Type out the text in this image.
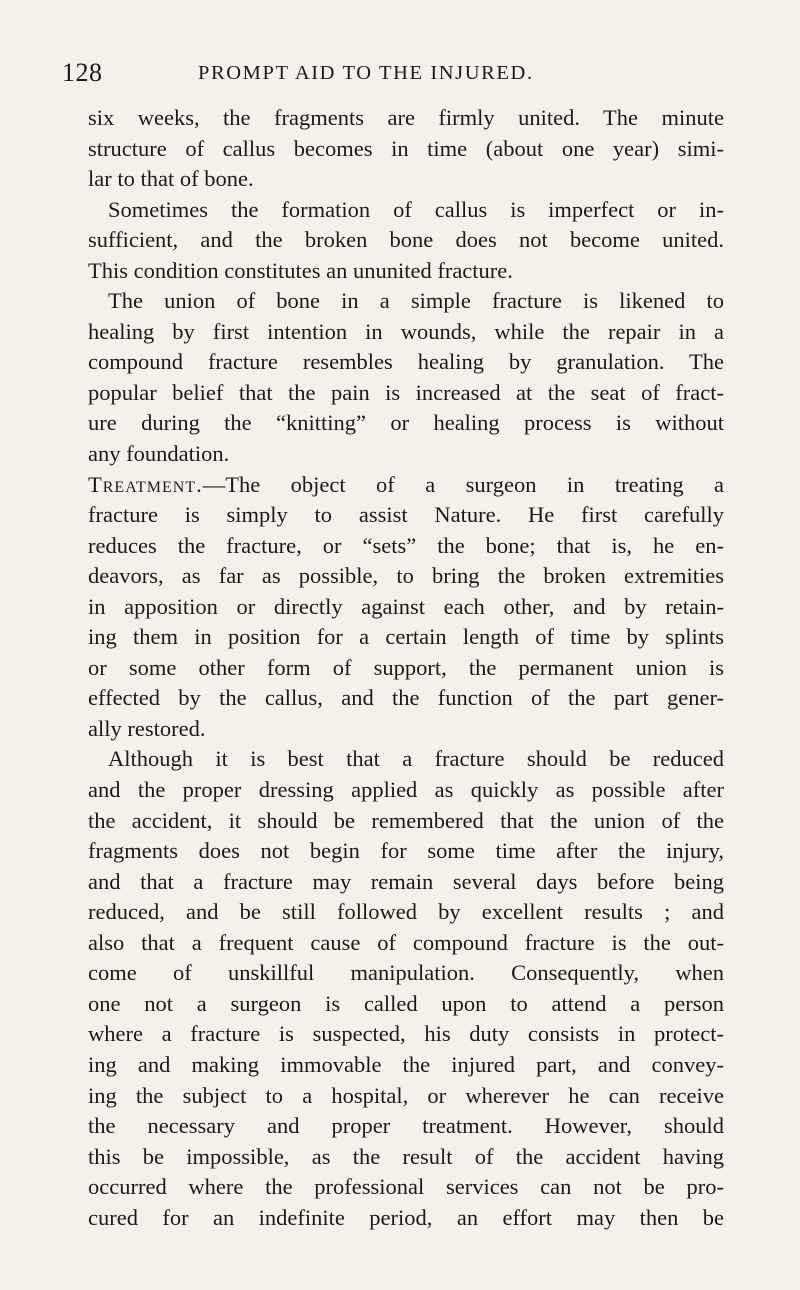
128	PROMPT AID TO THE INJURED.
six weeks, the fragments are firmly united. The minute
structure of callus becomes in time (about one year) simi-
lar to that of bone.
Sometimes the formation of callus is imperfect or in-
sufficient, and the broken bone does not become united.
This condition constitutes an ununited fracture.
The union of bone in a simple fracture is likened to
healing by first intention in wounds, while the repair in a
compound fracture resembles healing by granulation. The
popular belief that the pain is increased at the seat of fract-
ure during the “knitting” or healing process is without
any foundation.
Treatment.—The object of a surgeon in treating a
fracture is simply to assist Nature. He first carefully
reduces the fracture, or “sets” the bone; that is, he en-
deavors, as far as possible, to bring the broken extremities
in apposition or directly against each other, and by retain-
ing them in position for a certain length of time by splints
or some other form of support, the permanent union is
effected by the callus, and the function of the part gener-
ally restored.
Although it is best that a fracture should be reduced
and the proper dressing applied as quickly as possible after
the accident, it should be remembered that the union of the
fragments does not begin for some time after the injury,
and that a fracture may remain several days before being
reduced, and be still followed by excellent results ; and
also that a frequent cause of compound fracture is the out-
come of unskillful manipulation. Consequently, when
one not a surgeon is called upon to attend a person
where a fracture is suspected, his duty consists in protect-
ing and making immovable the injured part, and convey-
ing the subject to a hospital, or wherever he can receive
the necessary and proper treatment. However, should
this be impossible, as the result of the accident having
occurred where the professional services can not be pro-
cured for an indefinite period, an effort may then be
